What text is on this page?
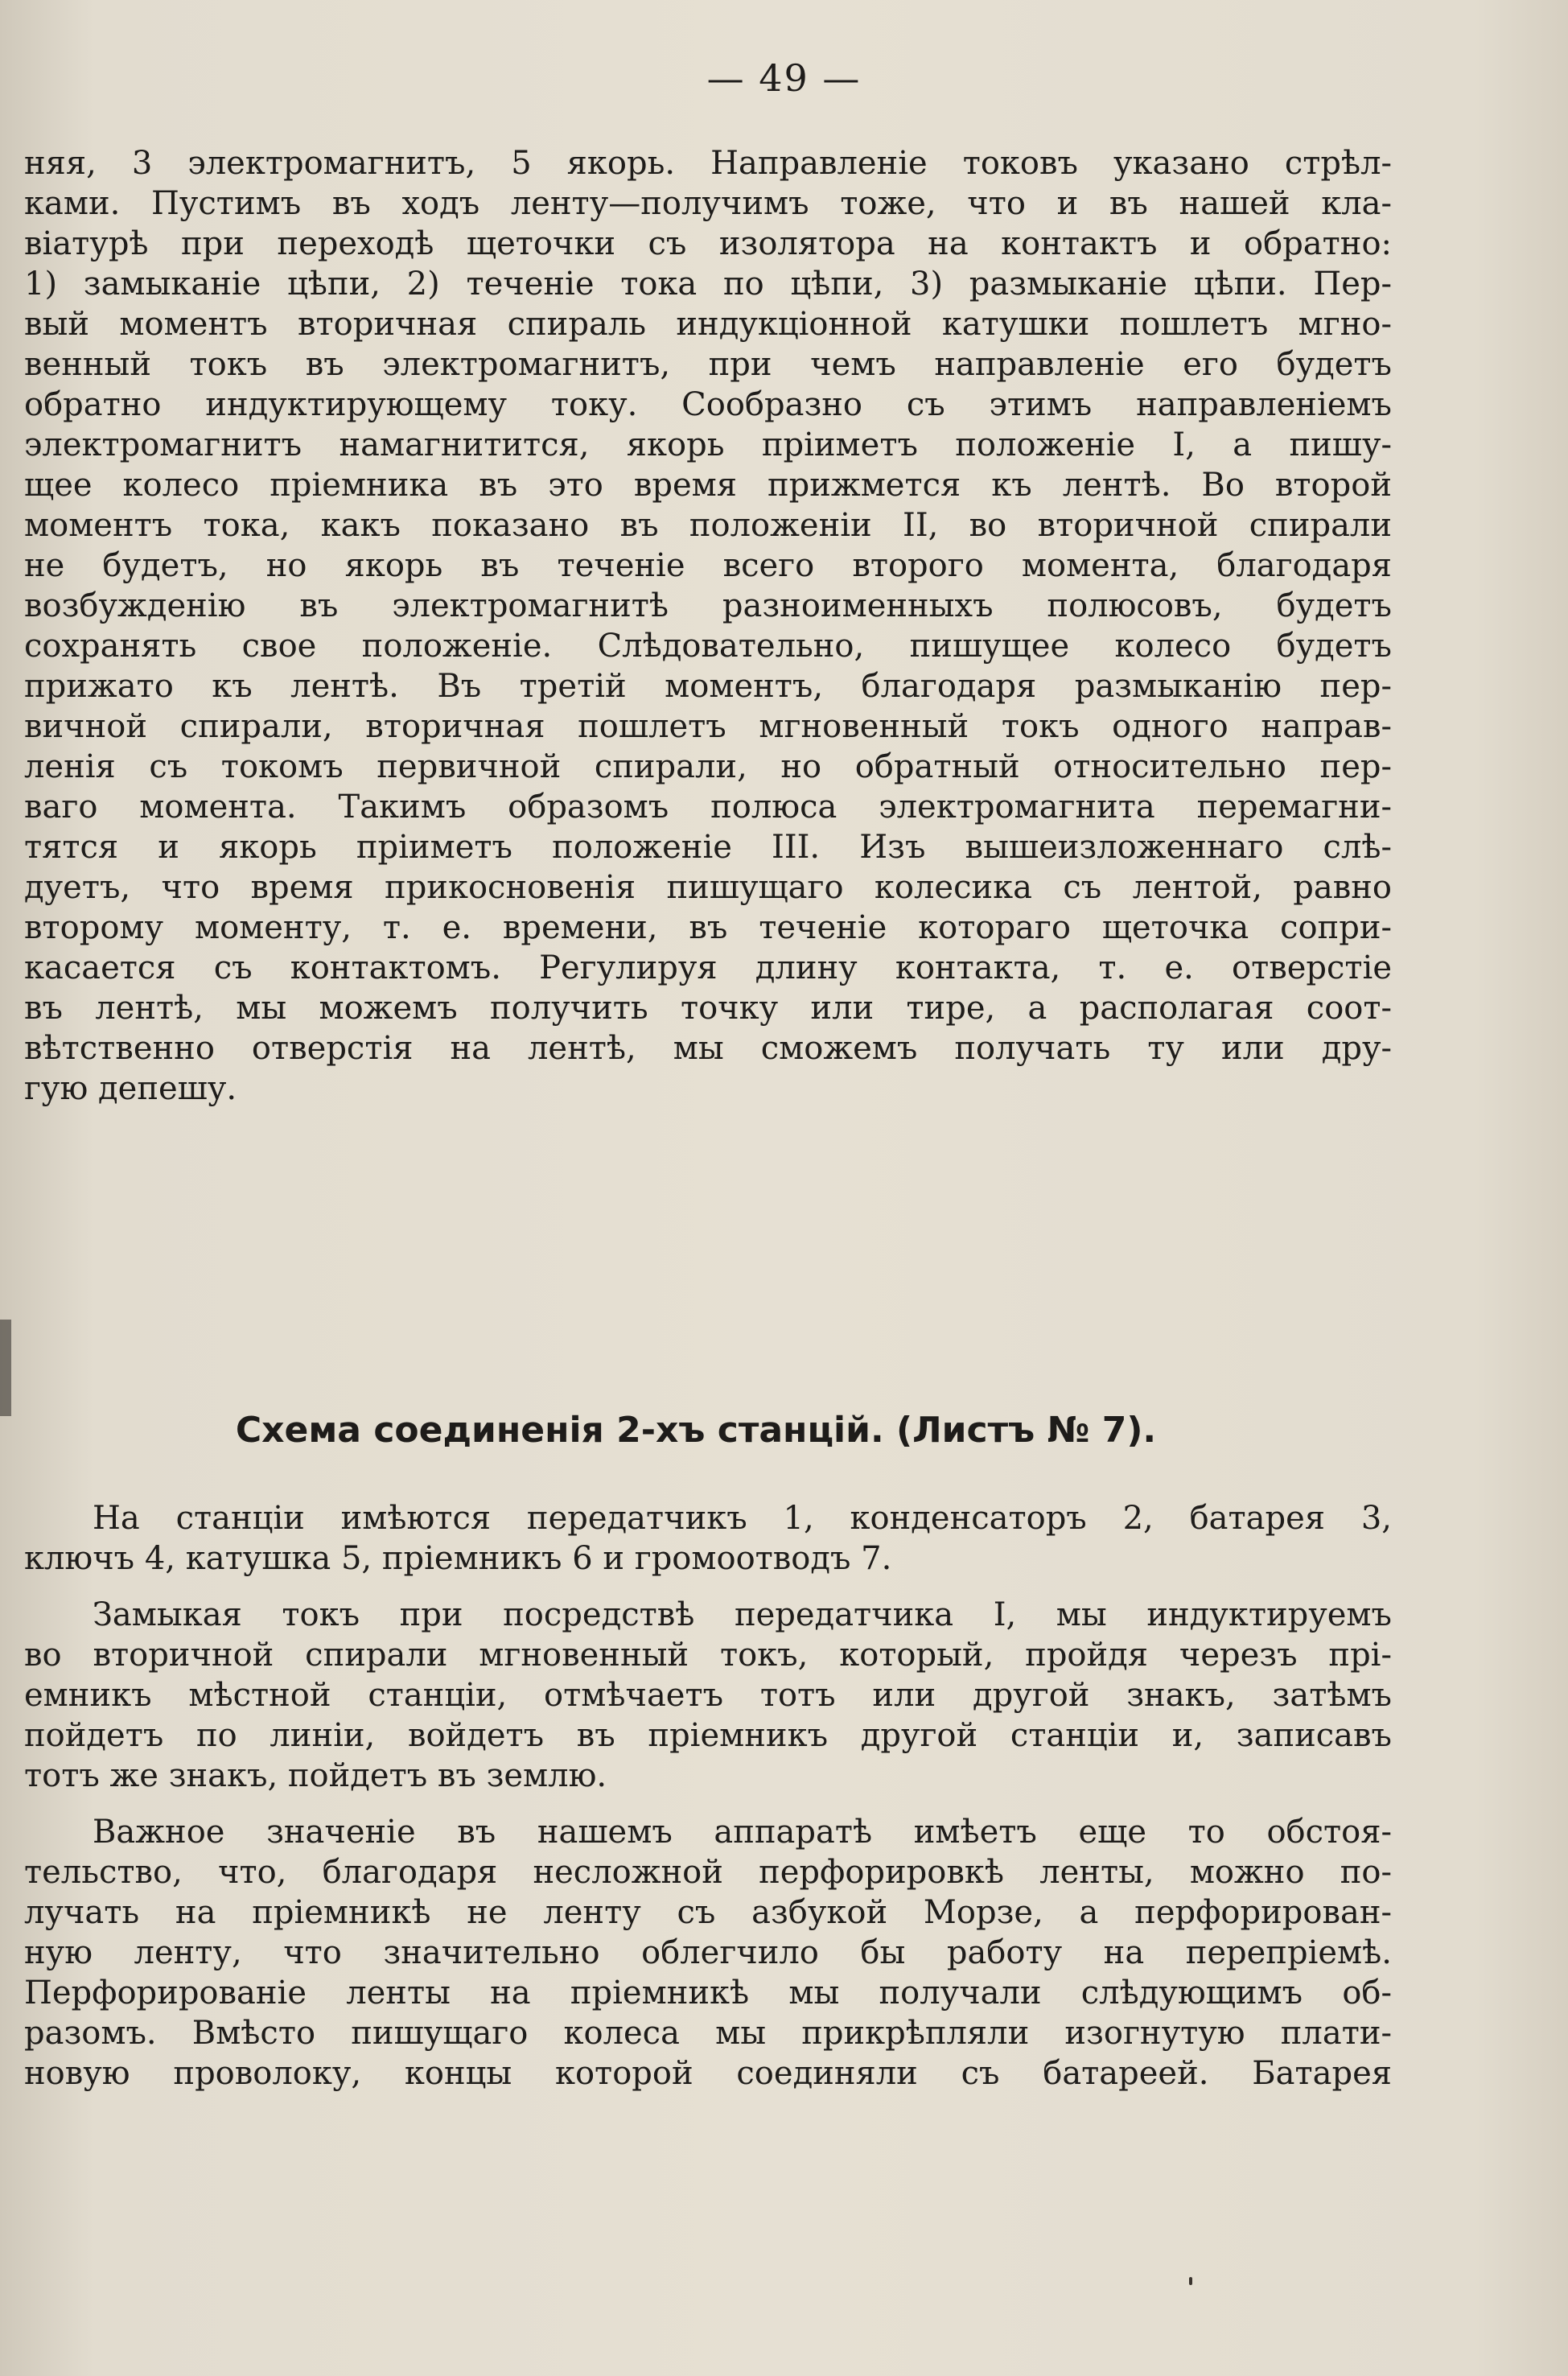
— 49 —
няя, 3 электромагнитъ, 5 якорь. Направленіе токовъ указано стрѣл-
ками. Пустимъ въ ходъ ленту—получимъ тоже, что и въ нашей кла-
віатурѣ при переходѣ щеточки съ изолятора на контактъ и обратно:
1) замыканіе цѣпи, 2) теченіе тока по цѣпи, 3) размыканіе цѣпи. Пер-
вый моментъ вторичная спираль индукціонной катушки пошлетъ мгно-
венный токъ въ электромагнитъ, при чемъ направленіе его будетъ
обратно индуктирующему току. Сообразно съ этимъ направленіемъ
электромагнитъ намагнитится, якорь пріиметъ положеніе I, а пишу-
щее колесо пріемника въ это время прижмется къ лентѣ. Во второй
моментъ тока, какъ показано въ положеніи II, во вторичной спирали
не будетъ, но якорь въ теченіе всего второго момента, благодаря
возбужденію въ электромагнитѣ разноименныхъ полюсовъ, будетъ
сохранять свое положеніе. Слѣдовательно, пишущее колесо будетъ
прижато къ лентѣ. Въ третій моментъ, благодаря размыканію пер-
вичной спирали, вторичная пошлетъ мгновенный токъ одного направ-
ленія съ токомъ первичной спирали, но обратный относительно пер-
ваго момента. Такимъ образомъ полюса электромагнита перемагни-
тятся и якорь пріиметъ положеніе III. Изъ вышеизложеннаго слѣ-
дуетъ, что время прикосновенія пишущаго колесика съ лентой, равно
второму моменту, т. е. времени, въ теченіе котораго щеточка сопри-
касается съ контактомъ. Регулируя длину контакта, т. е. отверстіе
въ лентѣ, мы можемъ получить точку или тире, а располагая соот-
вѣтственно отверстія на лентѣ, мы сможемъ получать ту или дру-
гую депешу.
Схема соединенія 2-хъ станцій. (Листъ № 7).
На станціи имѣются передатчикъ 1, конденсаторъ 2, батарея 3,
ключъ 4, катушка 5, пріемникъ 6 и громоотводъ 7.
Замыкая токъ при посредствѣ передатчика I, мы индуктируемъ
во вторичной спирали мгновенный токъ, который, пройдя черезъ прі-
емникъ мѣстной станціи, отмѣчаетъ тотъ или другой знакъ, затѣмъ
пойдетъ по линіи, войдетъ въ пріемникъ другой станціи и, записавъ
тотъ же знакъ, пойдетъ въ землю.
Важное значеніе въ нашемъ аппаратѣ имѣетъ еще то обстоя-
тельство, что, благодаря несложной перфорировкѣ ленты, можно по-
лучать на пріемникѣ не ленту съ азбукой Морзе, а перфорирован-
ную ленту, что значительно облегчило бы работу на перепріемѣ.
Перфорированіе ленты на пріемникѣ мы получали слѣдующимъ об-
разомъ. Вмѣсто пишущаго колеса мы прикрѣпляли изогнутую плати-
новую проволоку, концы которой соединяли съ батареей. Батарея
